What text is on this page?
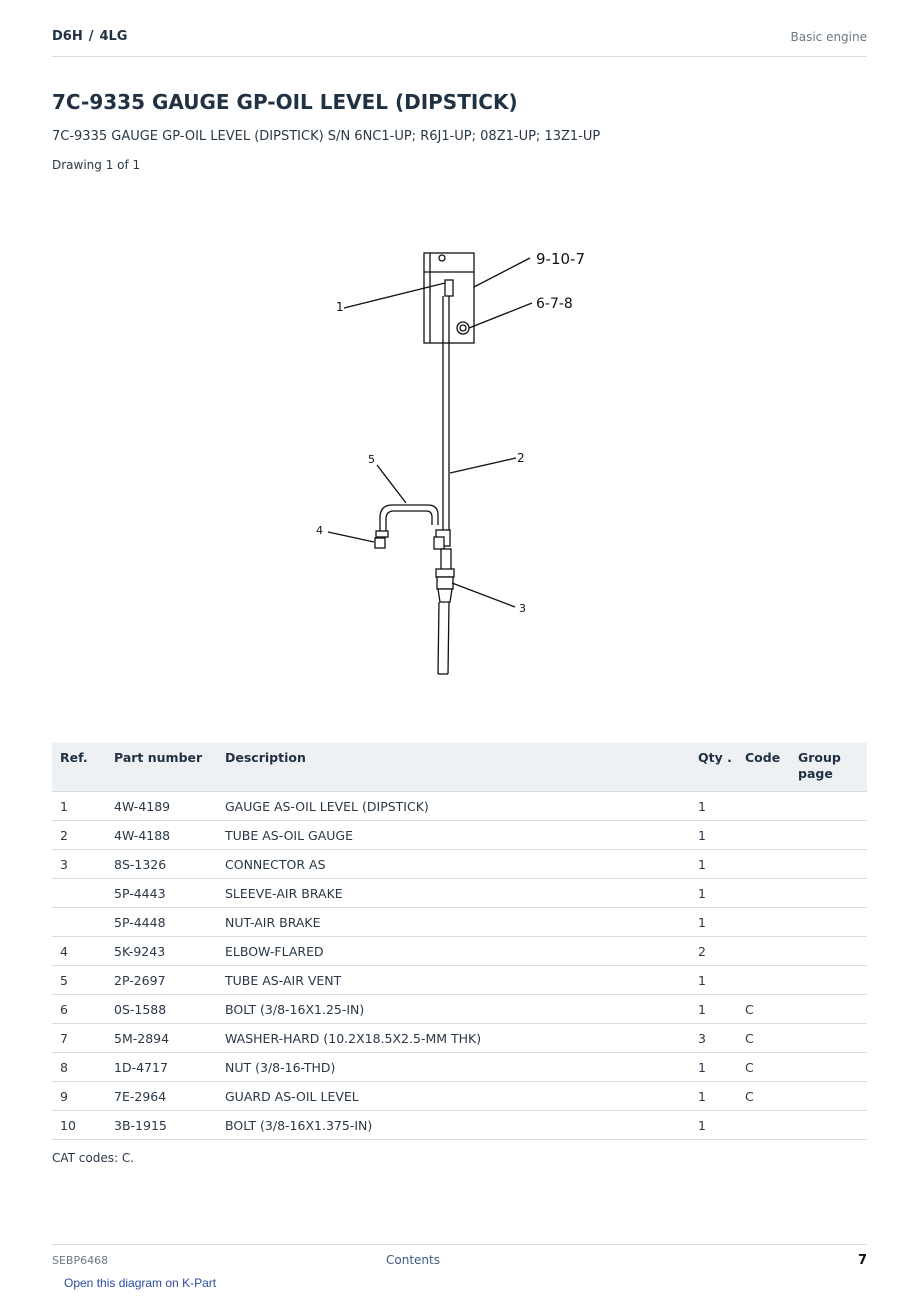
D6H / 4LG	Basic engine
7C-9335 GAUGE GP-OIL LEVEL (DIPSTICK)
7C-9335 GAUGE GP-OIL LEVEL (DIPSTICK) S/N 6NC1-UP; R6J1-UP; 08Z1-UP; 13Z1-UP
Drawing 1 of 1
9-10-7
6-7-8
1
2
5
4
3
Ref.	Part number	Description	Qty .	Code	Group page
1	4W-4189	GAUGE AS-OIL LEVEL (DIPSTICK)	1		
2	4W-4188	TUBE AS-OIL GAUGE	1		
3	8S-1326	CONNECTOR AS	1		
	5P-4443	SLEEVE-AIR BRAKE	1		
	5P-4448	NUT-AIR BRAKE	1		
4	5K-9243	ELBOW-FLARED	2		
5	2P-2697	TUBE AS-AIR VENT	1		
6	0S-1588	BOLT (3/8-16X1.25-IN)	1	C	
7	5M-2894	WASHER-HARD (10.2X18.5X2.5-MM THK)	3	C	
8	1D-4717	NUT (3/8-16-THD)	1	C	
9	7E-2964	GUARD AS-OIL LEVEL	1	C	
10	3B-1915	BOLT (3/8-16X1.375-IN)	1		
CAT codes: C.
SEBP6468	Contents	7
Open this diagram on K-Part
